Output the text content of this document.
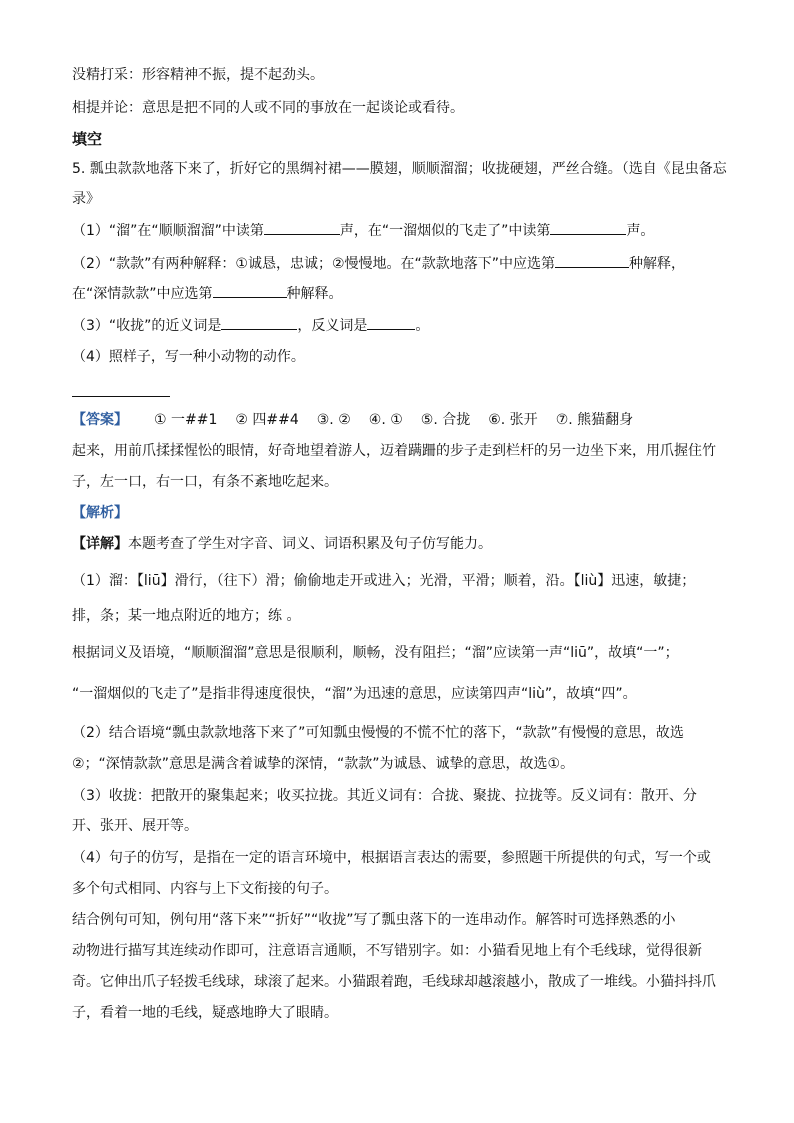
没精打采：形容精神不振，提不起劲头。
相提并论：意思是把不同的人或不同的事放在一起谈论或看待。
填空
5. 瓢虫款款地落下来了，折好它的黑绸衬裙——膜翅，顺顺溜溜；收拢硬翅，严丝合缝。（选自《昆虫备忘
录》
（1）“溜”在“顺顺溜溜”中读第	声，在“一溜烟似的飞走了”中读第	声。
（2）“款款”有两种解释：①诚恳，忠诚；②慢慢地。在“款款地落下”中应选第	种解释，
在“深情款款”中应选第	种解释。
（3）“收拢”的近义词是	，反义词是	。
（4）照样子，写一种小动物的动作。
【答案】 ① 一##1 ② 四##4 ③. ② ④. ① ⑤. 合拢 ⑥. 张开 ⑦. 熊猫翻身
起来，用前爪揉揉惺忪的眼情，好奇地望着游人，迈着蹒跚的步子走到栏杆的另一边坐下来，用爪握住竹
子，左一口，右一口，有条不紊地吃起来。
【解析】
【详解】本题考查了学生对字音、词义、词语积累及句子仿写能力。
（1）溜：【liū】滑行，（往下）滑；偷偷地走开或进入；光滑，平滑；顺着，沿。【liù】迅速，敏捷；
排，条；某一地点附近的地方；练 。
根据词义及语境，“顺顺溜溜”意思是很顺利，顺畅，没有阻拦；“溜”应读第一声“liū”，故填“一”；
“一溜烟似的飞走了”是指非得速度很快，“溜”为迅速的意思，应读第四声“liù”，故填“四”。
（2）结合语境“瓢虫款款地落下来了”可知瓢虫慢慢的不慌不忙的落下，“款款”有慢慢的意思，故选
②；“深情款款”意思是满含着诚挚的深情，“款款”为诚恳、诚挚的意思，故选①。
（3）收拢：把散开的聚集起来；收买拉拢。其近义词有：合拢、聚拢、拉拢等。反义词有：散开、分
开、张开、展开等。
（4）句子的仿写，是指在一定的语言环境中，根据语言表达的需要，参照题干所提供的句式，写一个或
多个句式相同、内容与上下文衔接的句子。
结合例句可知，例句用“落下来”“折好”“收拢”写了瓢虫落下的一连串动作。解答时可选择熟悉的小
动物进行描写其连续动作即可，注意语言通顺，不写错别字。如：小猫看见地上有个毛线球，觉得很新
奇。它伸出爪子轻拨毛线球，球滚了起来。小猫跟着跑，毛线球却越滚越小，散成了一堆线。小猫抖抖爪
子，看着一地的毛线，疑惑地睁大了眼睛。
